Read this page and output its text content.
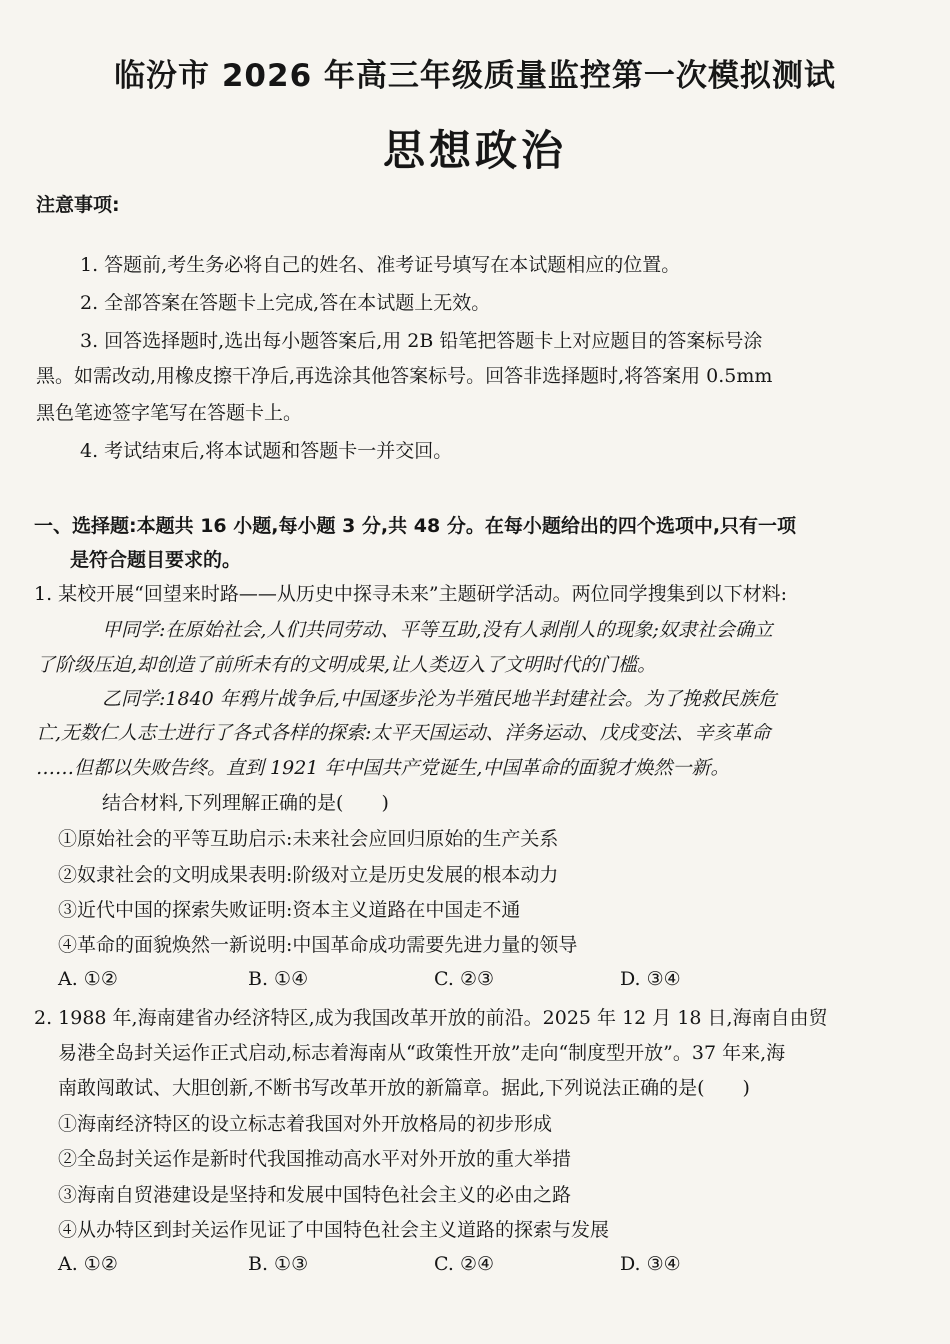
临汾市 2026 年高三年级质量监控第一次模拟测试
思想政治
注意事项:
1. 答题前,考生务必将自己的姓名、准考证号填写在本试题相应的位置。
2. 全部答案在答题卡上完成,答在本试题上无效。
3. 回答选择题时,选出每小题答案后,用 2B 铅笔把答题卡上对应题目的答案标号涂
黑。如需改动,用橡皮擦干净后,再选涂其他答案标号。回答非选择题时,将答案用 0.5mm
黑色笔迹签字笔写在答题卡上。
4. 考试结束后,将本试题和答题卡一并交回。
一、选择题:本题共 16 小题,每小题 3 分,共 48 分。在每小题给出的四个选项中,只有一项
是符合题目要求的。
1. 某校开展“回望来时路——从历史中探寻未来”主题研学活动。两位同学搜集到以下材料:
甲同学:在原始社会,人们共同劳动、平等互助,没有人剥削人的现象;奴隶社会确立
了阶级压迫,却创造了前所未有的文明成果,让人类迈入了文明时代的门槛。
乙同学:1840 年鸦片战争后,中国逐步沦为半殖民地半封建社会。为了挽救民族危
亡,无数仁人志士进行了各式各样的探索:太平天国运动、洋务运动、戊戌变法、辛亥革命
……但都以失败告终。直到 1921 年中国共产党诞生,中国革命的面貌才焕然一新。
结合材料,下列理解正确的是(　　)
①原始社会的平等互助启示:未来社会应回归原始的生产关系
②奴隶社会的文明成果表明:阶级对立是历史发展的根本动力
③近代中国的探索失败证明:资本主义道路在中国走不通
④革命的面貌焕然一新说明:中国革命成功需要先进力量的领导
A. ①②	B. ①④	C. ②③	D. ③④
2. 1988 年,海南建省办经济特区,成为我国改革开放的前沿。2025 年 12 月 18 日,海南自由贸
易港全岛封关运作正式启动,标志着海南从“政策性开放”走向“制度型开放”。37 年来,海
南敢闯敢试、大胆创新,不断书写改革开放的新篇章。据此,下列说法正确的是(　　)
①海南经济特区的设立标志着我国对外开放格局的初步形成
②全岛封关运作是新时代我国推动高水平对外开放的重大举措
③海南自贸港建设是坚持和发展中国特色社会主义的必由之路
④从办特区到封关运作见证了中国特色社会主义道路的探索与发展
A. ①②	B. ①③	C. ②④	D. ③④
